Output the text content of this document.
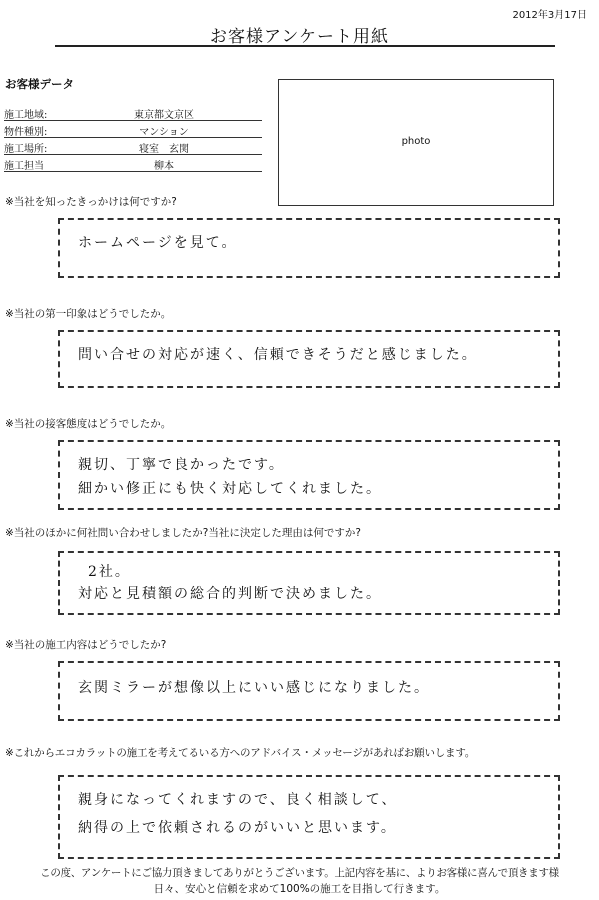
2012年3月17日
お客様アンケート用紙
お客様データ
施工地域:	東京都文京区
物件種別:	マンション
施工場所:	寝室　玄関
施工担当	柳本
photo
※当社を知ったきっかけは何ですか?
ホームページを見て。
※当社の第一印象はどうでしたか。
問い合せの対応が速く、信頼できそうだと感じました。
※当社の接客態度はどうでしたか。
親切、丁寧で良かったです。
細かい修正にも快く対応してくれました。
※当社のほかに何社問い合わせしましたか?当社に決定した理由は何ですか?
2社。
対応と見積額の総合的判断で決めました。
※当社の施工内容はどうでしたか?
玄関ミラーが想像以上にいい感じになりました。
※これからエコカラットの施工を考えてるいる方へのアドバイス・メッセージがあればお願いします。
親身になってくれますので、良く相談して、
納得の上で依頼されるのがいいと思います。
この度、アンケートにご協力頂きましてありがとうございます。上記内容を基に、よりお客様に喜んで頂きます様
日々、安心と信頼を求めて100%の施工を目指して行きます。
